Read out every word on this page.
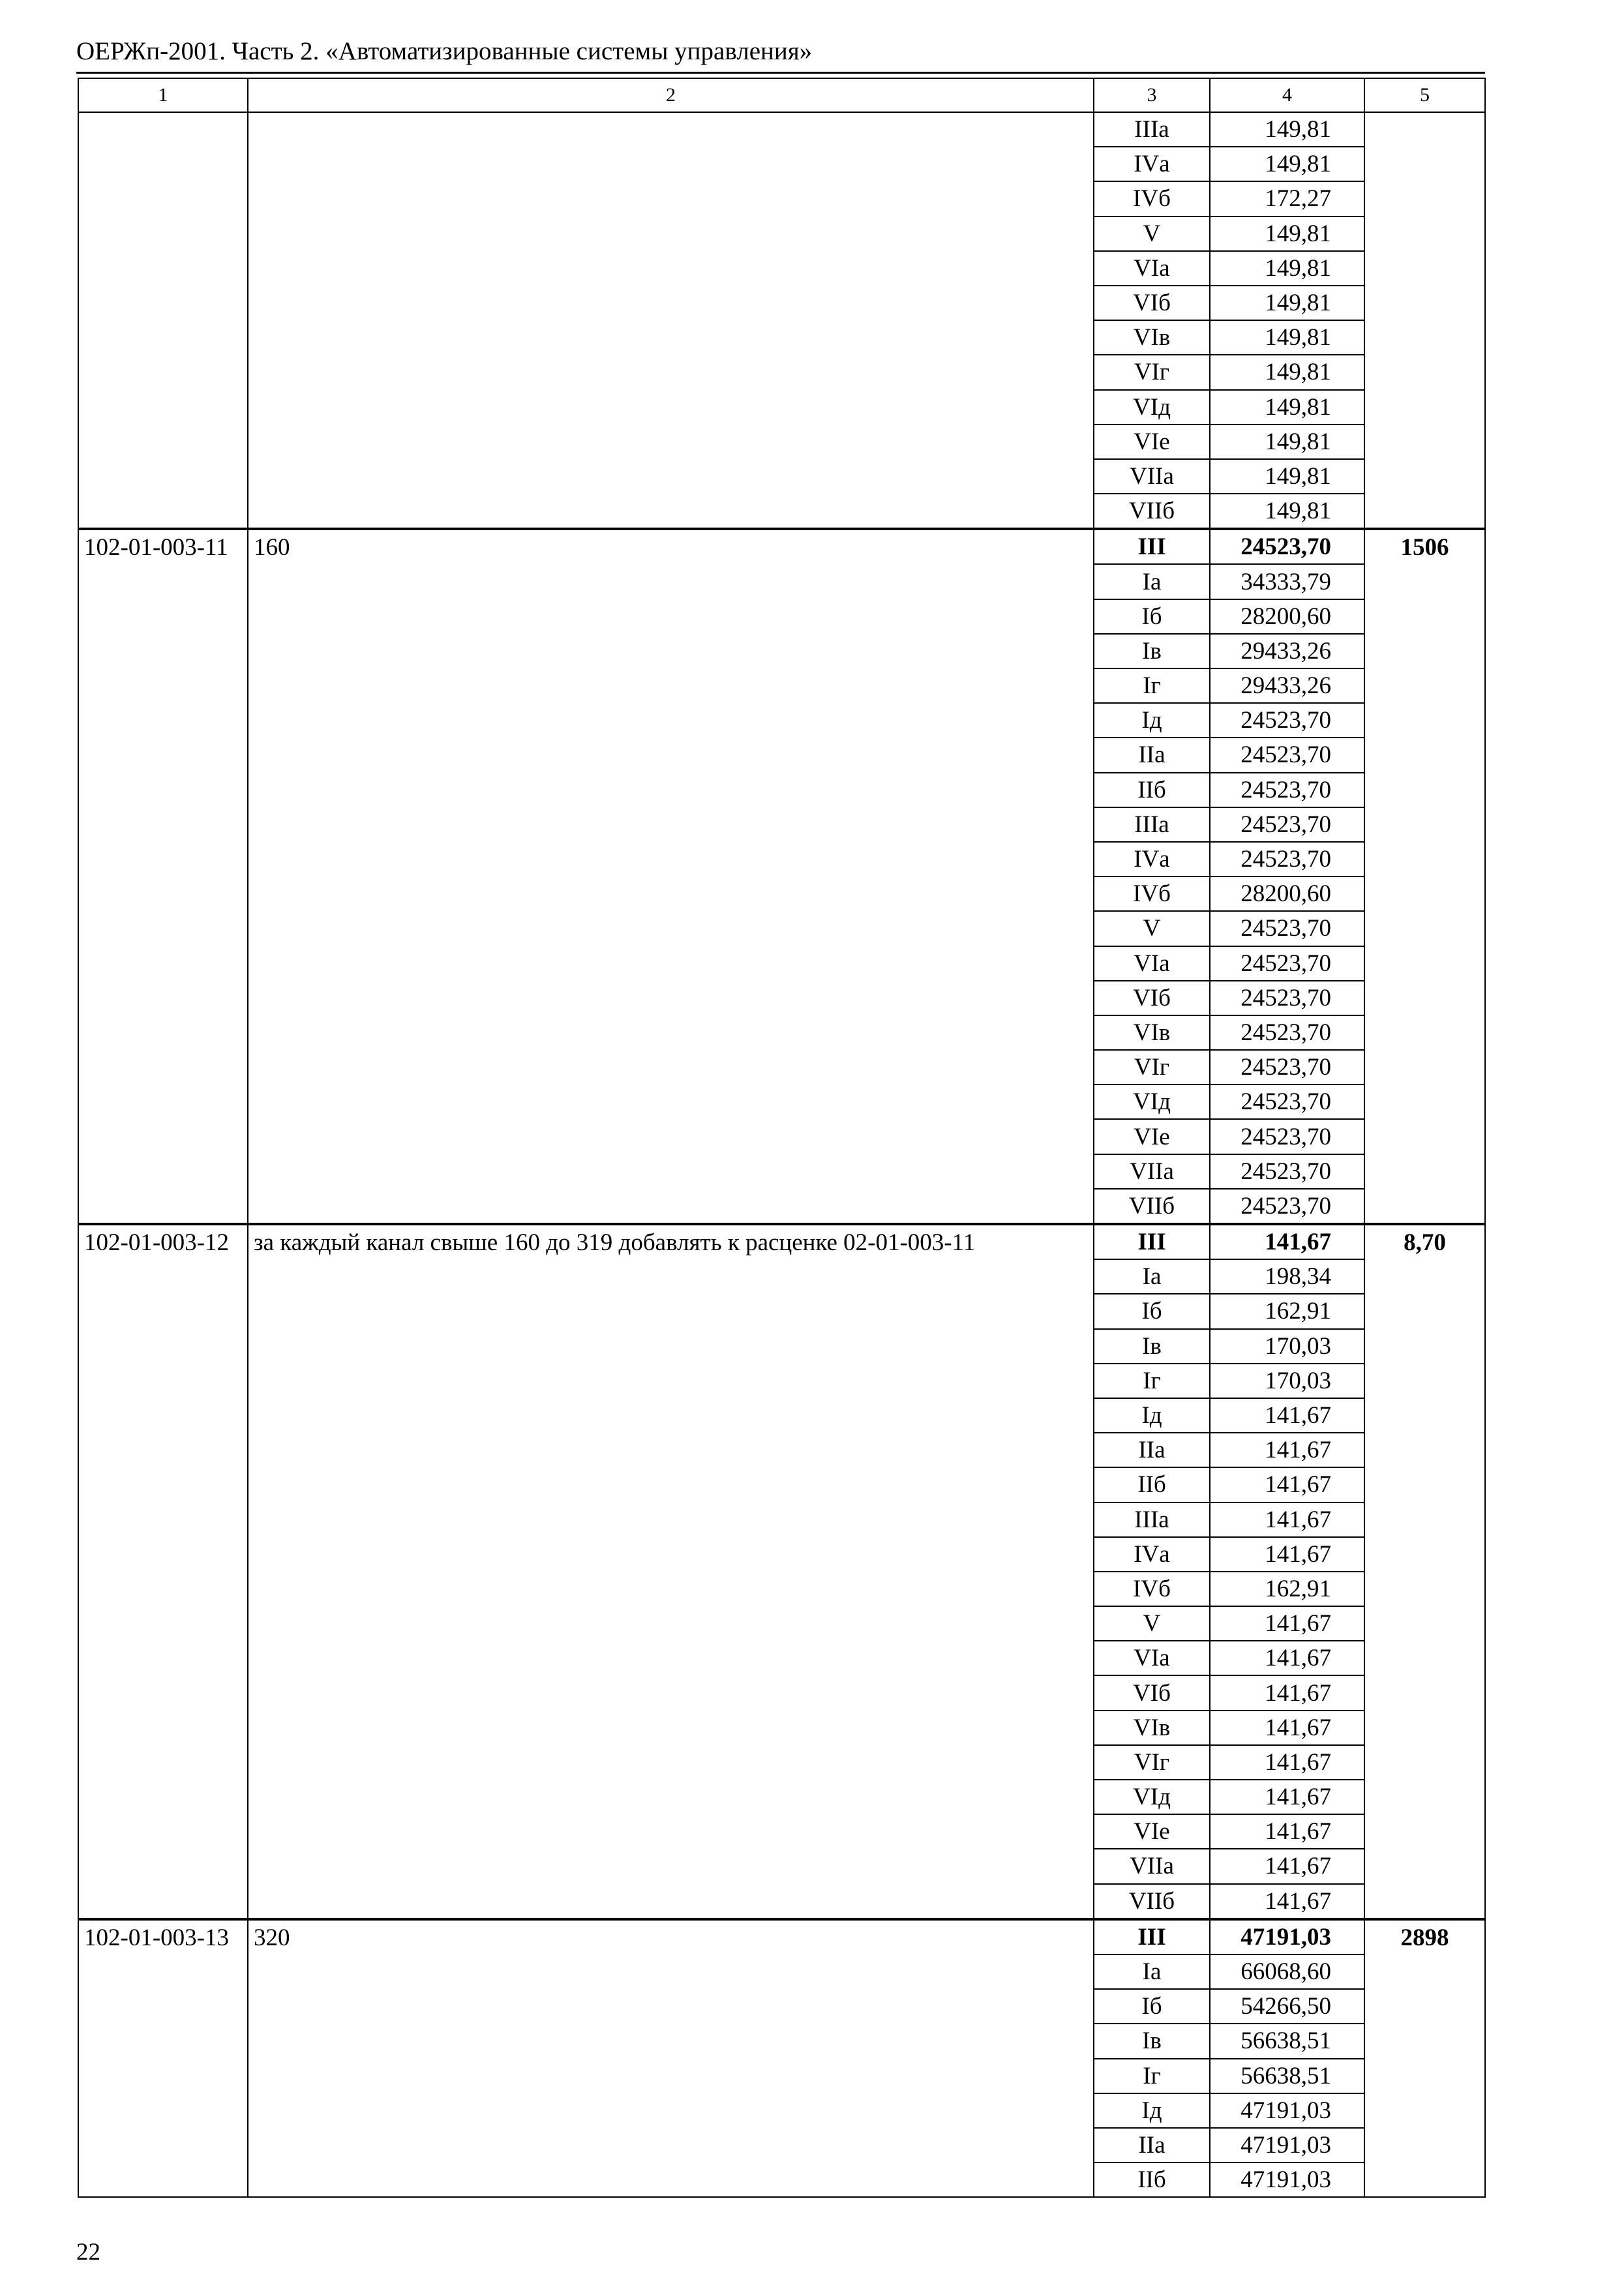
ОЕРЖп-2001. Часть 2. «Автоматизированные системы управления»
1	2	3	4	5
		IIIа	149,81	
		IVа	149,81	
		IVб	172,27	
		V	149,81	
		VIа	149,81	
		VIб	149,81	
		VIв	149,81	
		VIг	149,81	
		VIд	149,81	
		VIе	149,81	
		VIIа	149,81	
		VIIб	149,81	
102-01-003-11	160	III	24523,70	1506
		Iа	34333,79	
		Iб	28200,60	
		Iв	29433,26	
		Iг	29433,26	
		Iд	24523,70	
		IIа	24523,70	
		IIб	24523,70	
		IIIа	24523,70	
		IVа	24523,70	
		IVб	28200,60	
		V	24523,70	
		VIа	24523,70	
		VIб	24523,70	
		VIв	24523,70	
		VIг	24523,70	
		VIд	24523,70	
		VIе	24523,70	
		VIIа	24523,70	
		VIIб	24523,70	
102-01-003-12	за каждый канал свыше 160 до 319 добавлять к расценке 02-01-003-11	III	141,67	8,70
		Iа	198,34	
		Iб	162,91	
		Iв	170,03	
		Iг	170,03	
		Iд	141,67	
		IIа	141,67	
		IIб	141,67	
		IIIа	141,67	
		IVа	141,67	
		IVб	162,91	
		V	141,67	
		VIа	141,67	
		VIб	141,67	
		VIв	141,67	
		VIг	141,67	
		VIд	141,67	
		VIе	141,67	
		VIIа	141,67	
		VIIб	141,67	
102-01-003-13	320	III	47191,03	2898
		Iа	66068,60	
		Iб	54266,50	
		Iв	56638,51	
		Iг	56638,51	
		Iд	47191,03	
		IIа	47191,03	
		IIб	47191,03	
22
